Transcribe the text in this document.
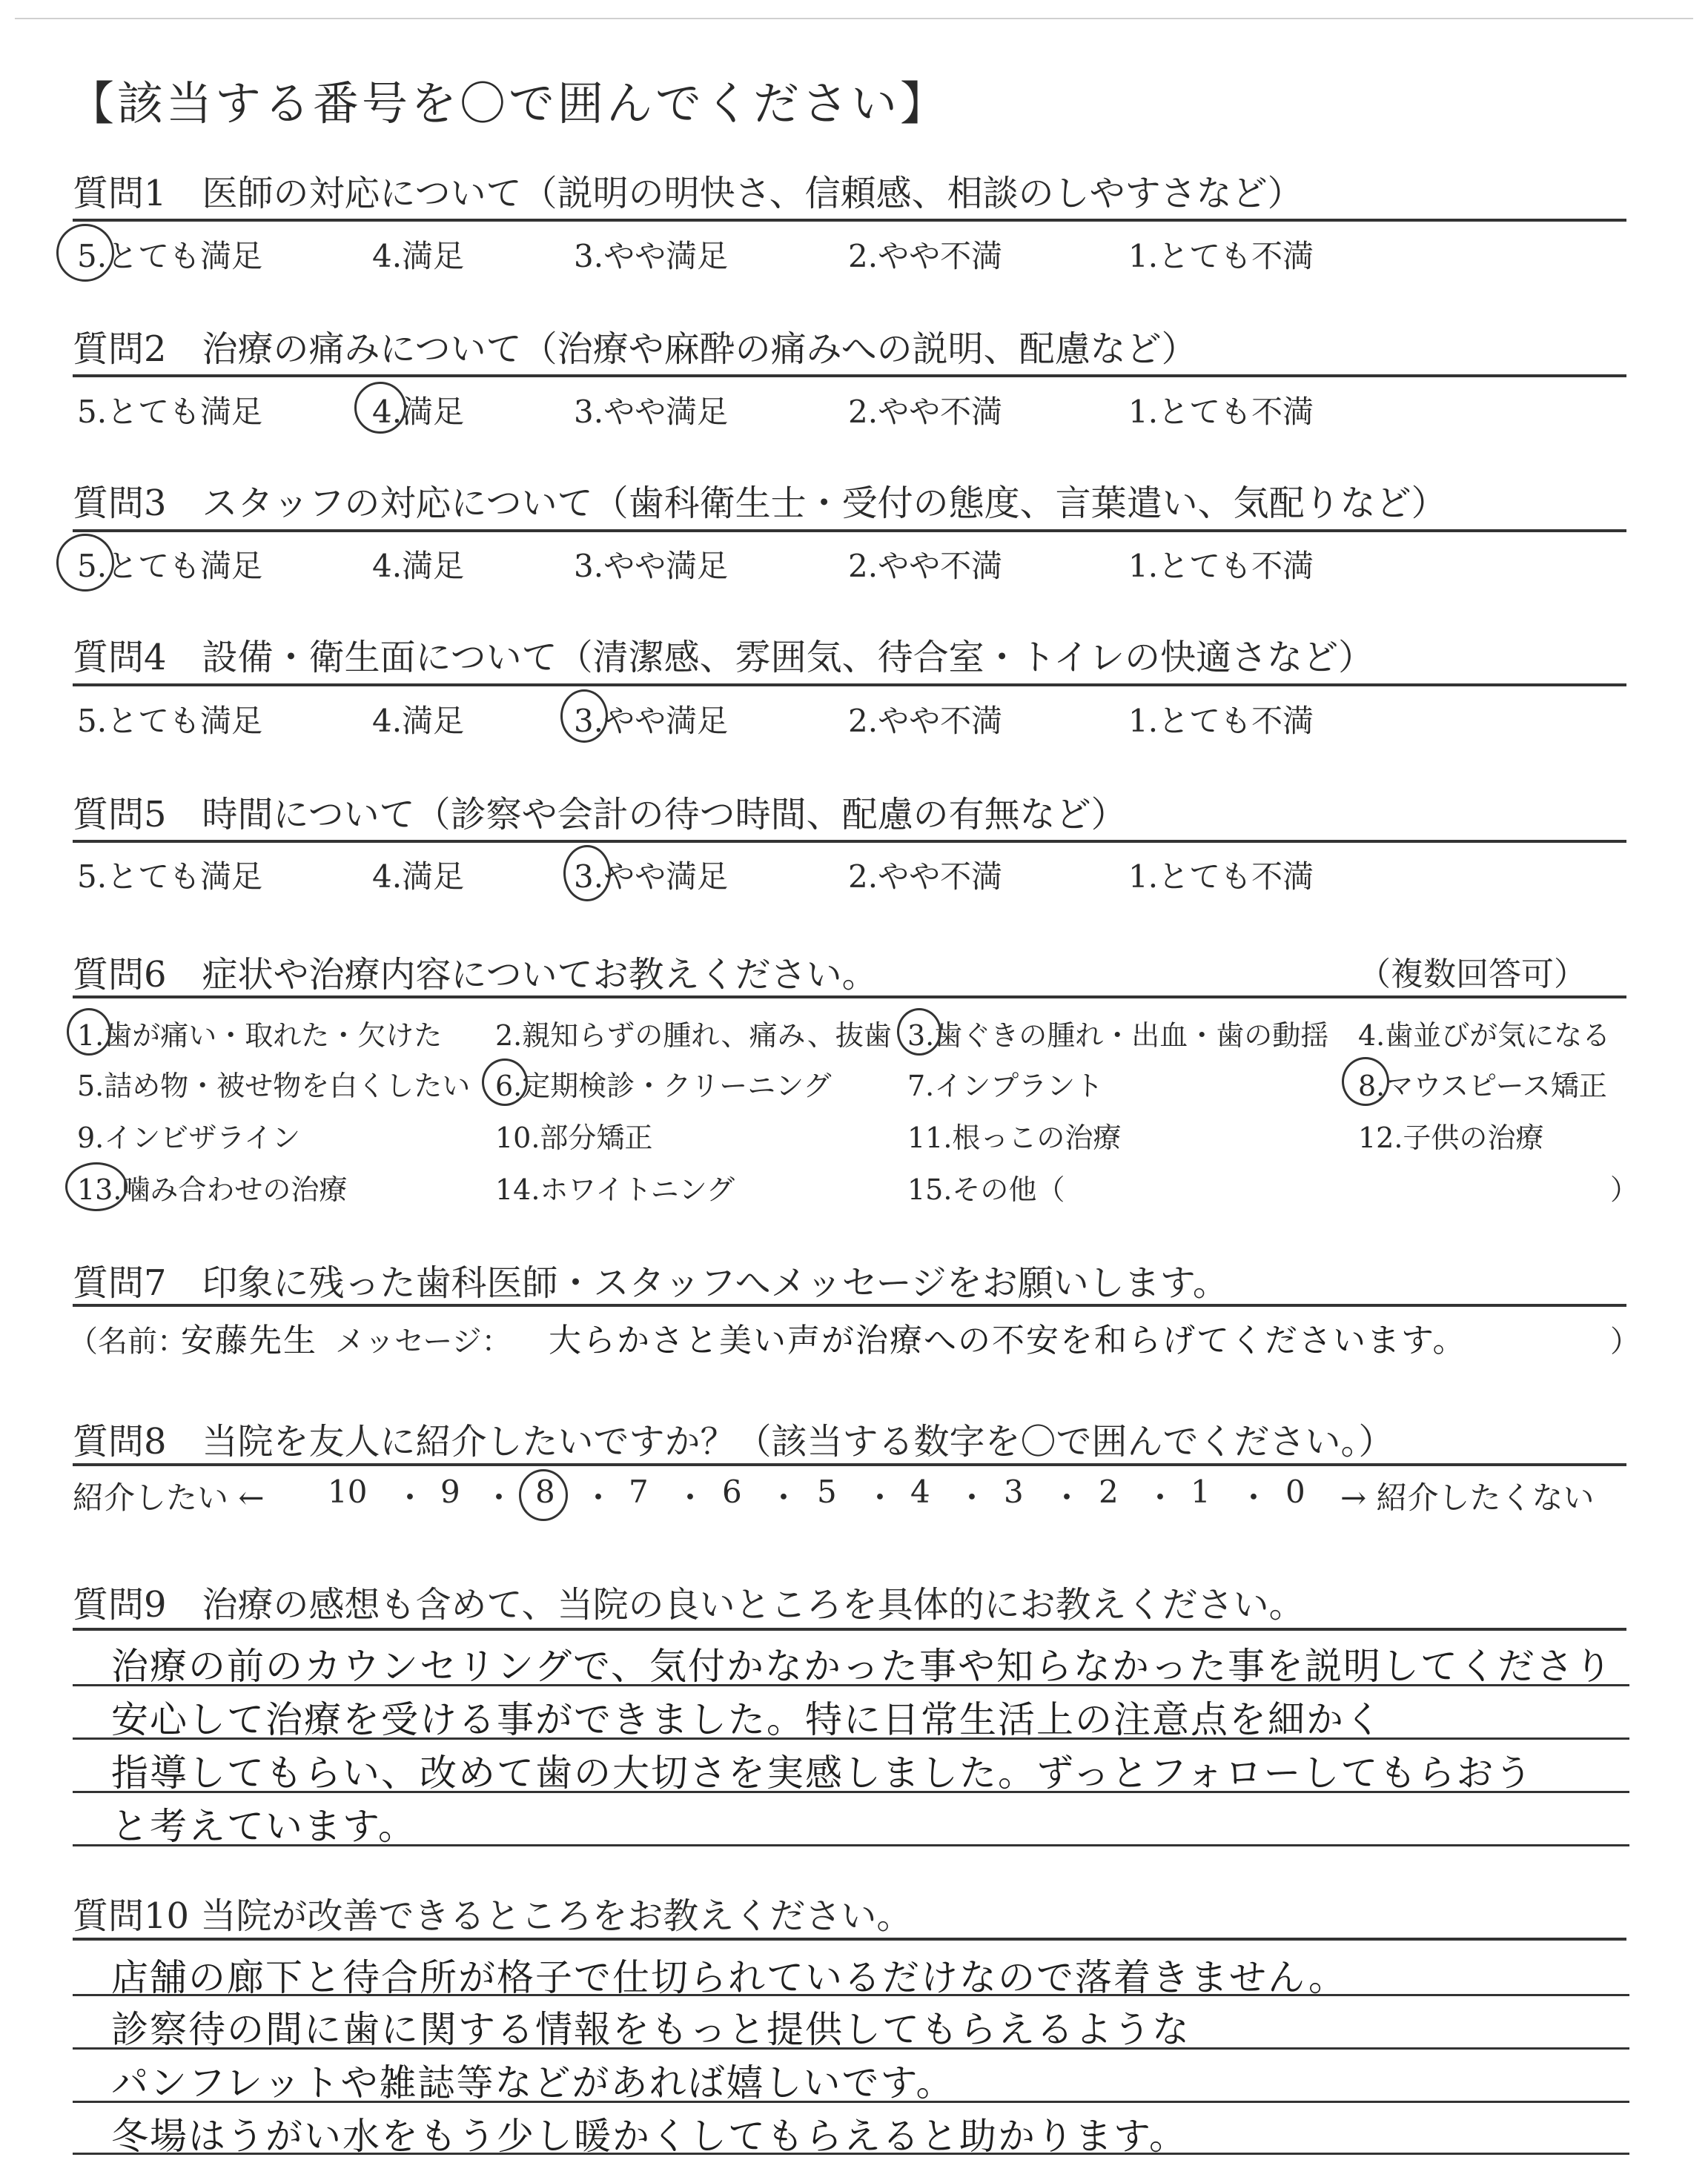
【該当する番号を〇で囲んでください】
質問1　医師の対応について（説明の明快さ、信頼感、相談のしやすさなど）
5.とても満足	4.満足	3.やや満足	2.やや不満	1.とても不満
質問2　治療の痛みについて（治療や麻酔の痛みへの説明、配慮など）
5.とても満足	4.満足	3.やや満足	2.やや不満	1.とても不満
質問3　スタッフの対応について（歯科衛生士・受付の態度、言葉遣い、気配りなど）
5.とても満足	4.満足	3.やや満足	2.やや不満	1.とても不満
質問4　設備・衛生面について（清潔感、雰囲気、待合室・トイレの快適さなど）
5.とても満足	4.満足	3.やや満足	2.やや不満	1.とても不満
質問5　時間について（診察や会計の待つ時間、配慮の有無など）
5.とても満足	4.満足	3.やや満足	2.やや不満	1.とても不満
質問6　症状や治療内容についてお教えください。	（複数回答可）
1.歯が痛い・取れた・欠けた 2.親知らずの腫れ、痛み、抜歯 3.歯ぐきの腫れ・出血・歯の動揺 4.歯並びが気になる
5.詰め物・被せ物を白くしたい 6.定期検診・クリーニング	7.インプラント	8.マウスピース矯正
9.インビザライン	10.部分矯正	11.根っこの治療	12.子供の治療
13.噛み合わせの治療	14.ホワイトニング	15.その他（	）
質問7　印象に残った歯科医師・スタッフへメッセージをお願いします。
（名前：
安藤先生 メッセージ： 大らかさと美い声が治療への不安を和らげてくださいます。	）
質問8　当院を友人に紹介したいですか？（該当する数字を〇で囲んでください。）
紹介したい ← 10 ・ 9 ・ 8 ・ 7 ・ 6 ・ 5 ・ 4 ・ 3 ・ 2 ・ 1 ・ 0 → 紹介したくない
質問9　治療の感想も含めて、当院の良いところを具体的にお教えください。
治療の前のカウンセリングで、気付かなかった事や知らなかった事を説明してくださり
安心して治療を受ける事ができました。特に日常生活上の注意点を細かく
指導してもらい、改めて歯の大切さを実感しました。ずっとフォローしてもらおう
と考えています。
質問10 当院が改善できるところをお教えください。
店舗の廊下と待合所が格子で仕切られているだけなので落着きません。
診察待の間に歯に関する情報をもっと提供してもらえるような
パンフレットや雑誌等などがあれば嬉しいです。
冬場はうがい水をもう少し暖かくしてもらえると助かります。
